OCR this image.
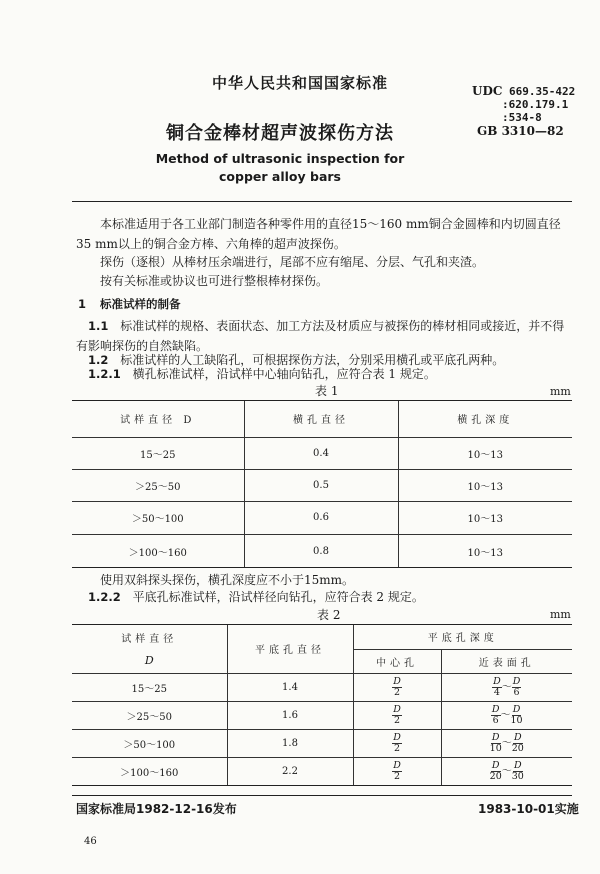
中华人民共和国国家标准	UDC 669.35-422
:620.179.1
:534-8
GB 3310—82
铜合金棒材超声波探伤方法
Method of ultrasonic inspection for
copper alloy bars
本标准适用于各工业部门制造各种零件用的直径15～160 mm铜合金圆棒和内切圆直径35 mm以上的铜合金方棒、六角棒的超声波探伤。
探伤（逐根）从棒材压余端进行，尾部不应有缩尾、分层、气孔和夹渣。
按有关标准或协议也可进行整根棒材探伤。
1 标准试样的制备
1.1 标准试样的规格、表面状态、加工方法及材质应与被探伤的棒材相同或接近，并不得有影响探伤的自然缺陷。
1.2 标准试样的人工缺陷孔，可根据探伤方法，分别采用横孔或平底孔两种。
1.2.1 横孔标准试样，沿试样中心轴向钻孔，应符合表 1 规定。
表 1	mm
试样直径 D	横孔直径	横孔深度
15～25	0.4	10～13
＞25～50	0.5	10～13
＞50～100	0.6	10～13
＞100～160	0.8	10～13
使用双斜探头探伤，横孔深度应不小于15mm。
1.2.2 平底孔标准试样，沿试样径向钻孔，应符合表 2 规定。
表 2	mm
试样直径	平底孔直径	平底孔深度	
D		中心孔	近表面孔
15～25	1.4	$\frac{D}{2}$	$\frac{D}{4}$ ～ $\frac{D}{6}$

＞25～50	1.6	$\frac{D}{2}$	$\frac{D}{6}$ ～ $\frac{D}{10}$

＞50～100	1.8	$\frac{D}{2}$	$\frac{D}{10}$ ～ $\frac{D}{20}$

＞100～160	2.2	$\frac{D}{2}$	$\frac{D}{20}$ ～ $\frac{D}{30}$
国家标准局1982-12-16发布	1983-10-01实施
46
